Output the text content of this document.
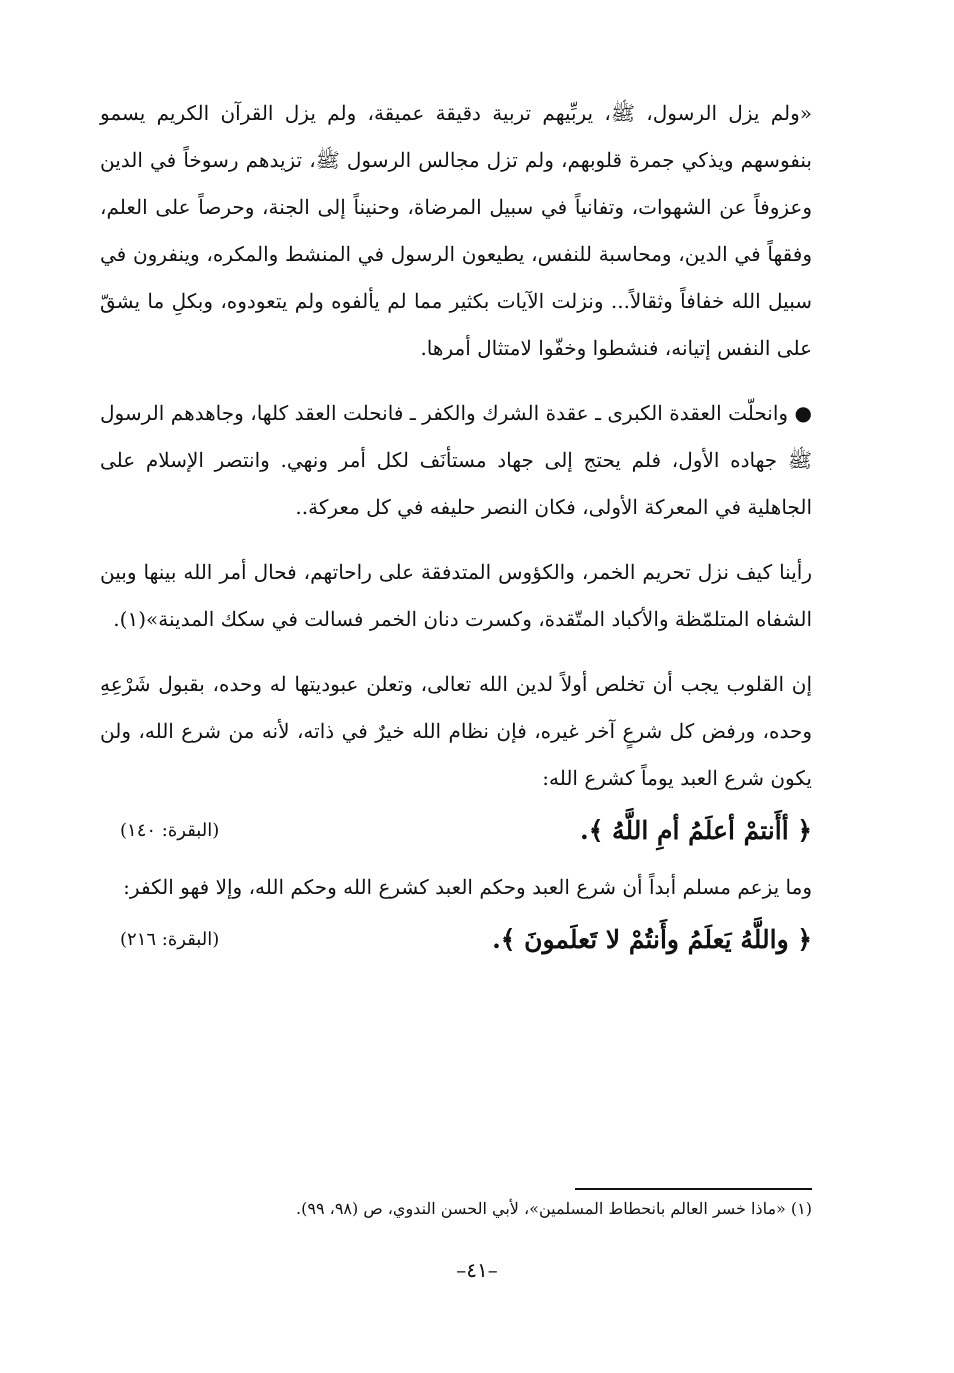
«ولم يزل الرسول، ﷺ، يربِّيهم تربية دقيقة عميقة، ولم يزل القرآن الكريم يسمو بنفوسهم ويذكي جمرة قلوبهم، ولم تزل مجالس الرسول ﷺ، تزيدهم رسوخاً في الدين وعزوفاً عن الشهوات، وتفانياً في سبيل المرضاة، وحنيناً إلى الجنة، وحرصاً على العلم، وفقهاً في الدين، ومحاسبة للنفس، يطيعون الرسول في المنشط والمكره، وينفرون في سبيل الله خفافاً وثقالاً... ونزلت الآيات بكثير مما لم يألفوه ولم يتعودوه، وبكلِ ما يشقّ على النفس إتيانه، فنشطوا وخفّوا لامتثال أمرها.

● وانحلّت العقدة الكبرى ـ عقدة الشرك والكفر ـ فانحلت العقد كلها، وجاهدهم الرسول ﷺ جهاده الأول، فلم يحتج إلى جهاد مستأنَف لكل أمر ونهي. وانتصر الإسلام على الجاهلية في المعركة الأولى، فكان النصر حليفه في كل معركة..

رأينا كيف نزل تحريم الخمر، والكؤوس المتدفقة على راحاتهم، فحال أمر الله بينها وبين الشفاه المتلمّظة والأكباد المتّقدة، وكسرت دنان الخمر فسالت في سكك المدينة»(١).

إن القلوب يجب أن تخلص أولاً لدين الله تعالى، وتعلن عبوديتها له وحده، بقبول شَرْعِهِ وحده، ورفض كل شرعٍ آخر غيره، فإن نظام الله خيرٌ في ذاته، لأنه من شرع الله، ولن يكون شرع العبد يوماً كشرع الله:

﴿ أأَنتمْ أعلَمُ أمِ اللَّهُ ﴾.
(البقرة: ١٤٠)

وما يزعم مسلم أبداً أن شرع العبد وحكم العبد كشرع الله وحكم الله، وإلا فهو الكفر:

﴿ واللَّهُ يَعلَمُ وأَنتُمْ لا تَعلَمونَ ﴾.
(البقرة: ٢١٦)
(١) «ماذا خسر العالم بانحطاط المسلمين»، لأبي الحسن الندوي، ص (٩٨، ٩٩).
–٤١–
